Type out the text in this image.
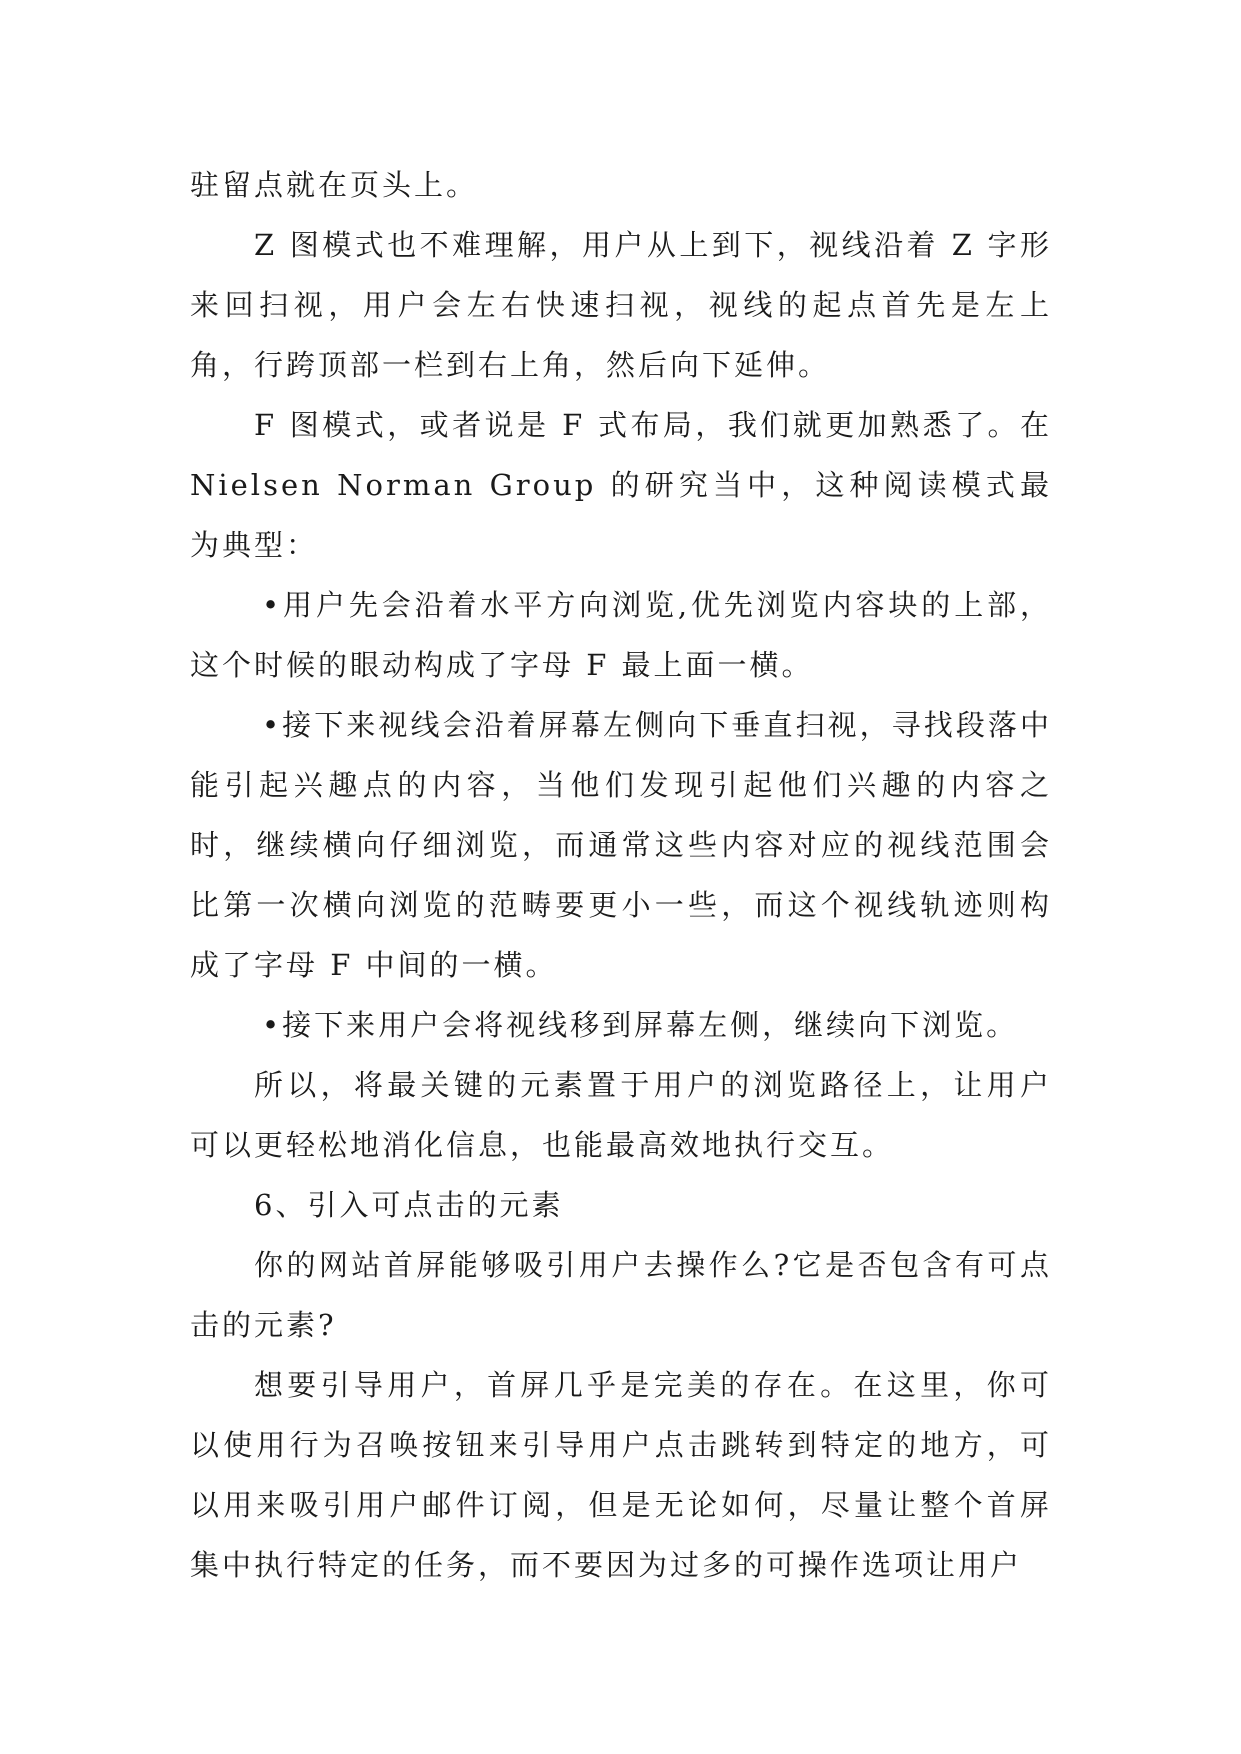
驻留点就在页头上。

Z 图模式也不难理解，用户从上到下，视线沿着 Z 字形来回扫视，用户会左右快速扫视，视线的起点首先是左上角，行跨顶部一栏到右上角，然后向下延伸。

F 图模式，或者说是 F 式布局，我们就更加熟悉了。在 Nielsen Norman Group 的研究当中，这种阅读模式最为典型：

•用户先会沿着水平方向浏览,优先浏览内容块的上部，这个时候的眼动构成了字母 F 最上面一横。

•接下来视线会沿着屏幕左侧向下垂直扫视，寻找段落中能引起兴趣点的内容，当他们发现引起他们兴趣的内容之时，继续横向仔细浏览，而通常这些内容对应的视线范围会比第一次横向浏览的范畴要更小一些，而这个视线轨迹则构成了字母 F 中间的一横。

•接下来用户会将视线移到屏幕左侧，继续向下浏览。

所以，将最关键的元素置于用户的浏览路径上，让用户可以更轻松地消化信息，也能最高效地执行交互。

6、引入可点击的元素

你的网站首屏能够吸引用户去操作么?它是否包含有可点击的元素?

想要引导用户，首屏几乎是完美的存在。在这里，你可以使用行为召唤按钮来引导用户点击跳转到特定的地方，可以用来吸引用户邮件订阅，但是无论如何，尽量让整个首屏集中执行特定的任务，而不要因为过多的可操作选项让用户
